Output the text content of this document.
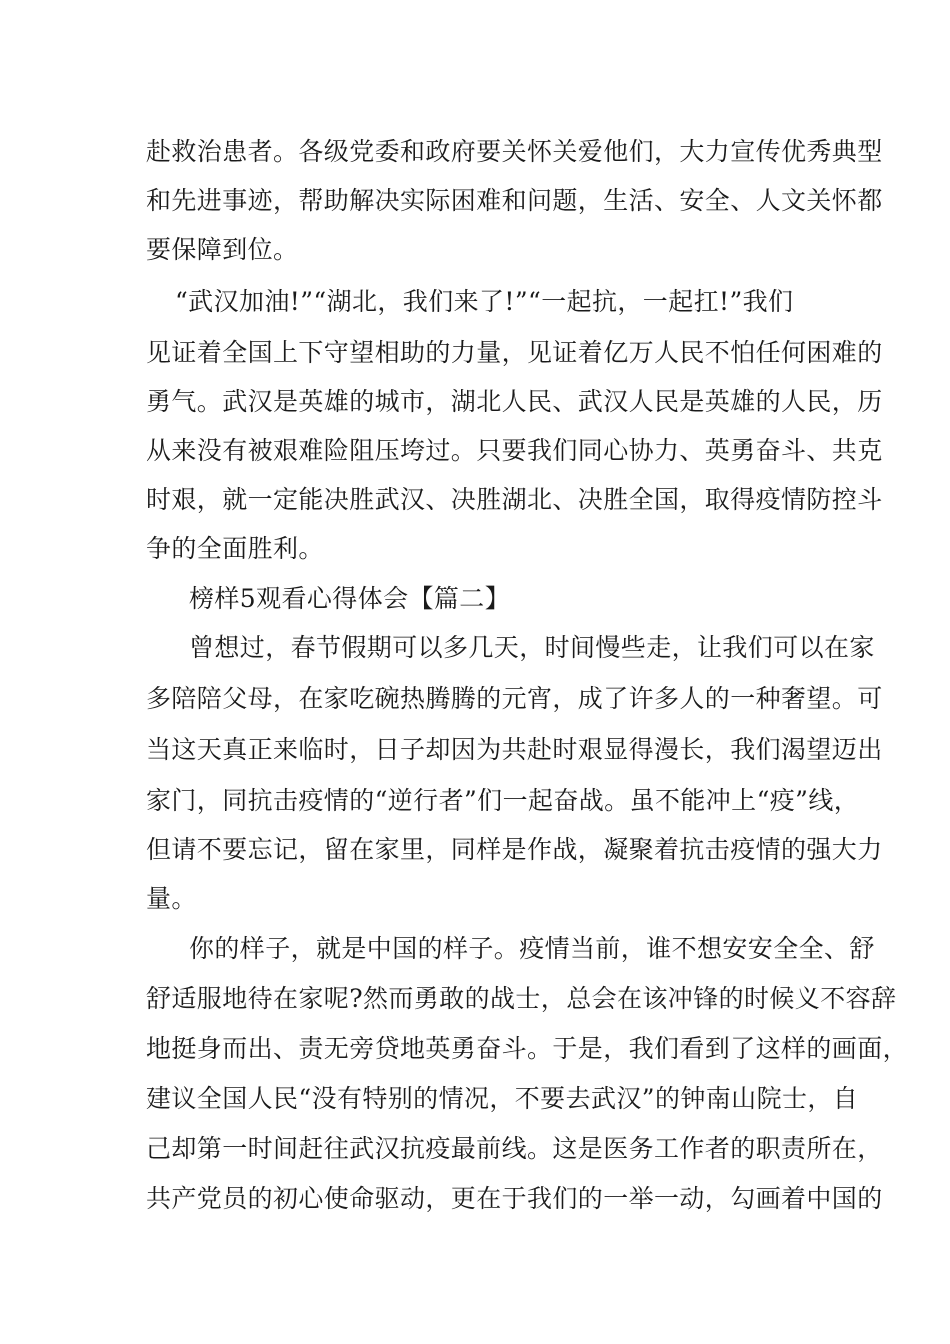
赴救治患者。各级党委和政府要关怀关爱他们，大力宣传优秀典型
和先进事迹，帮助解决实际困难和问题，生活、安全、人文关怀都
要保障到位。
“武汉加油!”“湖北，我们来了!”“一起抗，一起扛!”我们
见证着全国上下守望相助的力量，见证着亿万人民不怕任何困难的
勇气。武汉是英雄的城市，湖北人民、武汉人民是英雄的人民，历
从来没有被艰难险阻压垮过。只要我们同心协力、英勇奋斗、共克
时艰，就一定能决胜武汉、决胜湖北、决胜全国，取得疫情防控斗
争的全面胜利。
榜样5观看心得体会【篇二】
曾想过，春节假期可以多几天，时间慢些走，让我们可以在家
多陪陪父母，在家吃碗热腾腾的元宵，成了许多人的一种奢望。可
当这天真正来临时，日子却因为共赴时艰显得漫长，我们渴望迈出
家门，同抗击疫情的“逆行者”们一起奋战。虽不能冲上“疫”线，
但请不要忘记，留在家里，同样是作战，凝聚着抗击疫情的强大力
量。
你的样子，就是中国的样子。疫情当前，谁不想安安全全、舒
舒适服地待在家呢?然而勇敢的战士，总会在该冲锋的时候义不容辞
地挺身而出、责无旁贷地英勇奋斗。于是，我们看到了这样的画面，
建议全国人民“没有特别的情况，不要去武汉”的钟南山院士，自
己却第一时间赶往武汉抗疫最前线。这是医务工作者的职责所在，
共产党员的初心使命驱动，更在于我们的一举一动，勾画着中国的
